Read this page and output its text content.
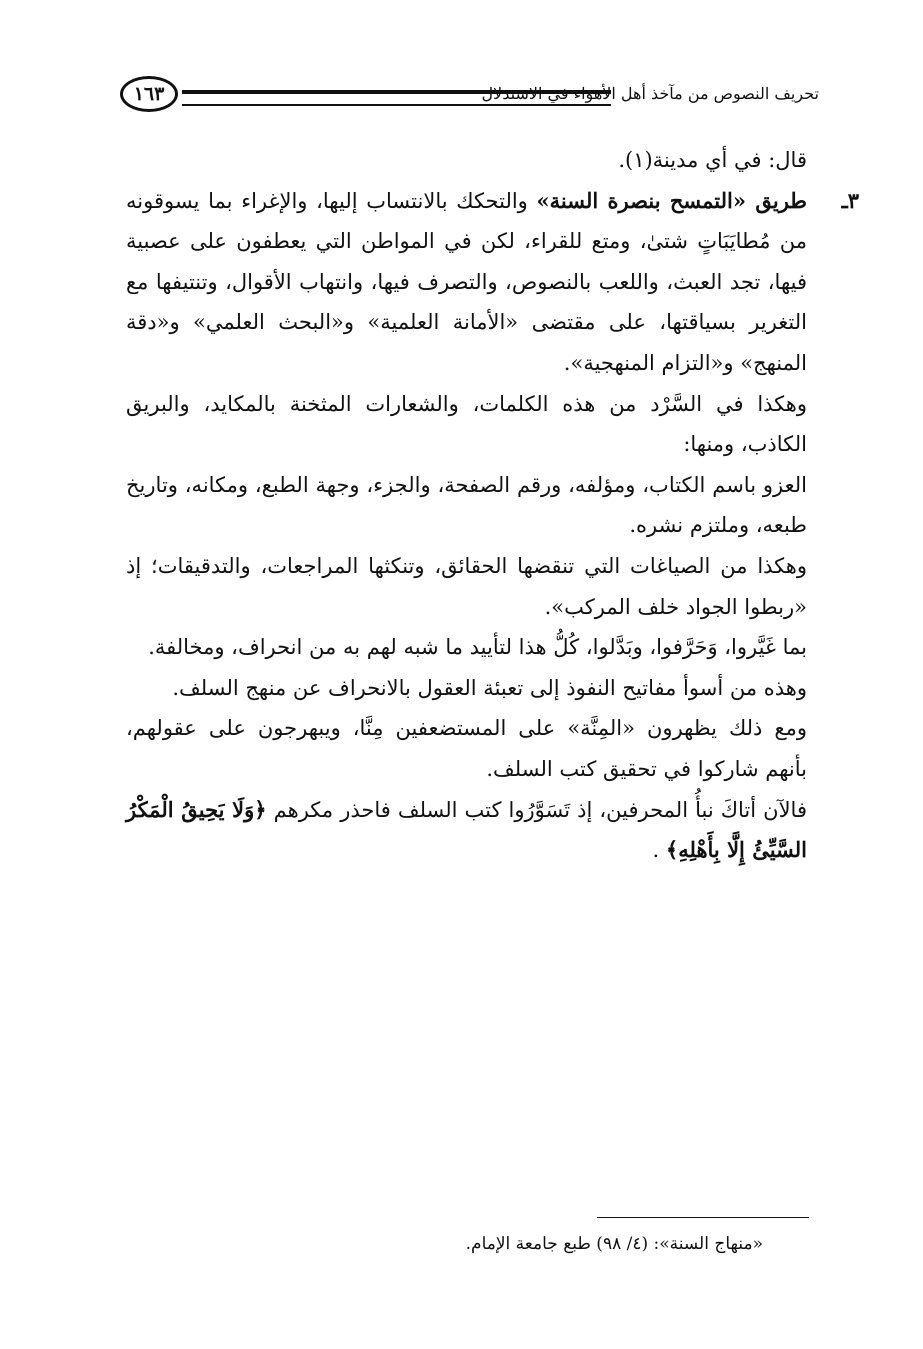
تحريف النصوص من مآخذ أهل الأهواء في الاستدلال
١٦٣

قال: في أي مدينة(١).

٣ـ
طريق «التمسح بنصرة السنة» والتحكك بالانتساب إليها، والإغراء بما يسوقونه من مُطايَبَاتٍ شتىٰ، ومتع للقراء، لكن في المواطن التي يعطفون على عصبية فيها، تجد العبث، واللعب بالنصوص، والتصرف فيها، وانتهاب الأقوال، وتنتيفها مع التغرير بسياقتها، على مقتضى «الأمانة العلمية» و«البحث العلمي» و«دقة المنهج» و«التزام المنهجية».

وهكذا في السَّرْد من هذه الكلمات، والشعارات المثخنة بالمكايد، والبريق الكاذب، ومنها:

العزو باسم الكتاب، ومؤلفه، ورقم الصفحة، والجزء، وجهة الطبع، ومكانه، وتاريخ طبعه، وملتزم نشره.

وهكذا من الصياغات التي تنقضها الحقائق، وتنكثها المراجعات، والتدقيقات؛ إذ «ربطوا الجواد خلف المركب».

بما غَيَّروا، وَحَرَّفوا، وبَدَّلوا، كُلُّ هذا لتأييد ما شبه لهم به من انحراف، ومخالفة.

وهذه من أسوأ مفاتيح النفوذ إلى تعبئة العقول بالانحراف عن منهج السلف.

ومع ذلك يظهرون «المِنَّة» على المستضعفين مِنَّا، ويبهرجون على عقولهم، بأنهم شاركوا في تحقيق كتب السلف.

فالآن أتاكَ نبأُ المحرفين، إذ تَسَوَّرُوا كتب السلف فاحذر مكرهم ﴿وَلَا يَحِيقُ الْمَكْرُ السَّيِّئُ إِلَّا بِأَهْلِهِ﴾ .

«منهاج السنة»: (٤/ ٩٨) طبع جامعة الإمام.
